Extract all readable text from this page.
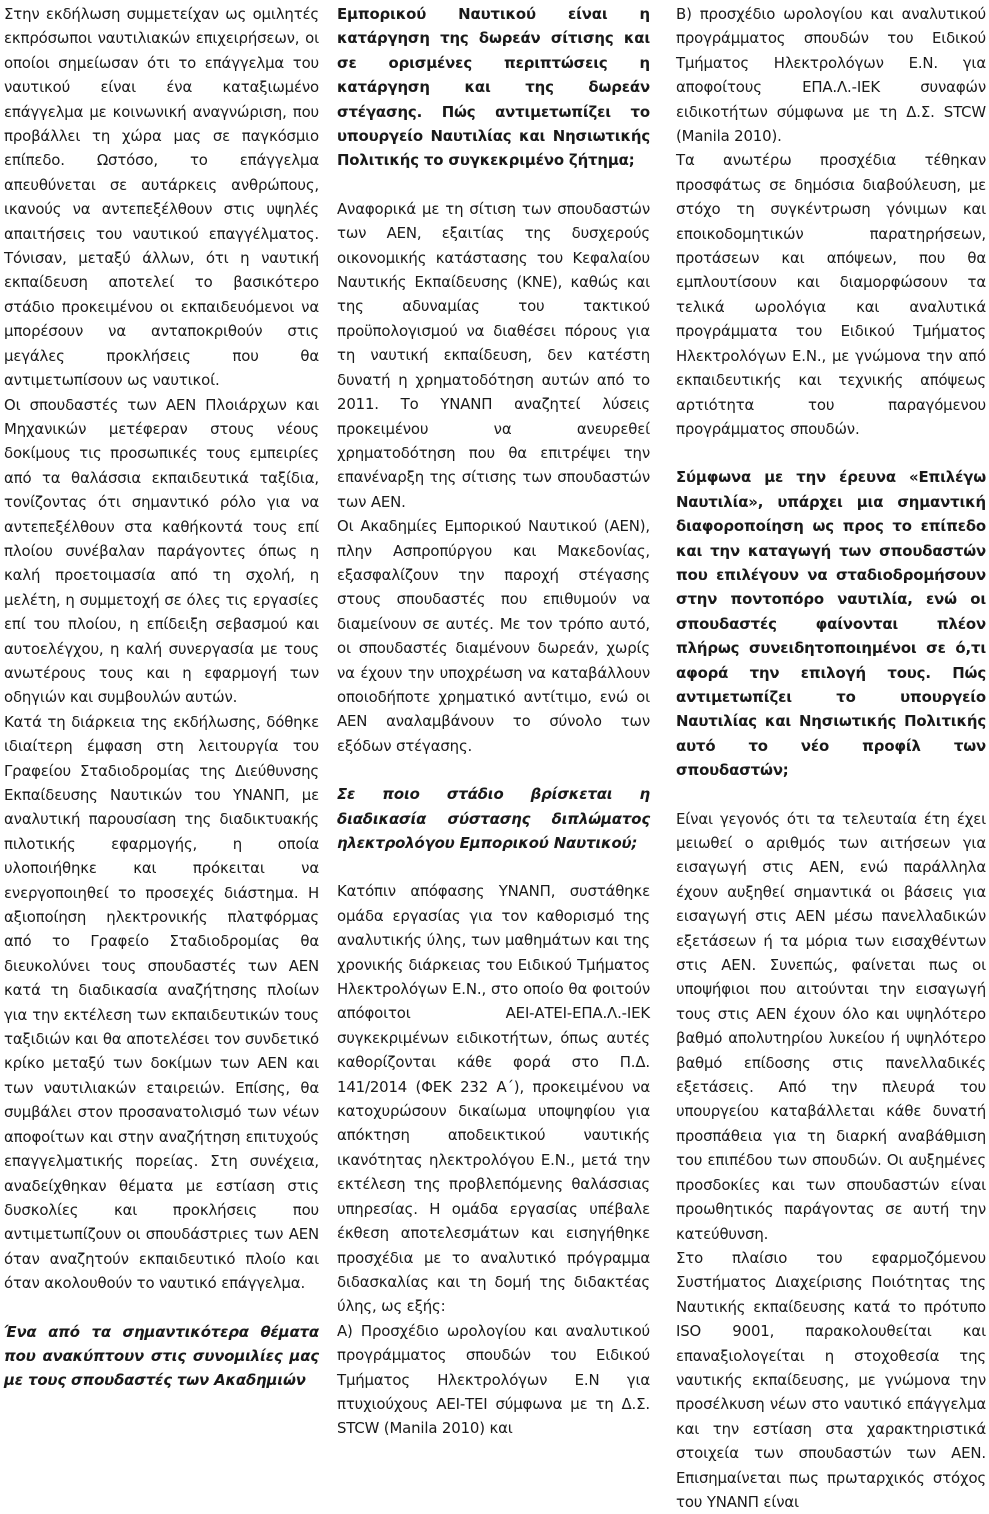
Στην εκδήλωση συμμετείχαν ως ομιλητές εκπρόσωποι ναυτιλιακών επιχειρήσεων, οι οποίοι σημείωσαν ότι το επάγγελμα του ναυτικού είναι ένα καταξιωμένο επάγγελμα με κοινωνική αναγνώριση, που προβάλλει τη χώρα μας σε παγκόσμιο επίπεδο. Ωστόσο, το επάγγελμα απευθύνεται σε αυτάρκεις ανθρώπους, ικανούς να αντεπεξέλθουν στις υψηλές απαιτήσεις του ναυτικού επαγγέλματος. Τόνισαν, μεταξύ άλλων, ότι η ναυτική εκπαίδευση αποτελεί το βασικότερο στάδιο προκειμένου οι εκπαιδευόμενοι να μπορέσουν να ανταποκριθούν στις μεγάλες προκλήσεις που θα αντιμετωπίσουν ως ναυτικοί.

Οι σπουδαστές των ΑΕΝ Πλοιάρχων και Μηχανικών μετέφεραν στους νέους δοκίμους τις προσωπικές τους εμπειρίες από τα θαλάσσια εκπαιδευτικά ταξίδια, τονίζοντας ότι σημαντικό ρόλο για να αντεπεξέλθουν στα καθήκοντά τους επί πλοίου συνέβαλαν παράγοντες όπως η καλή προετοιμασία από τη σχολή, η μελέτη, η συμμετοχή σε όλες τις εργασίες επί του πλοίου, η επίδειξη σεβασμού και αυτοελέγχου, η καλή συνεργασία με τους ανωτέρους τους και η εφαρμογή των οδηγιών και συμβουλών αυτών.

Κατά τη διάρκεια της εκδήλωσης, δόθηκε ιδιαίτερη έμφαση στη λειτουργία του Γραφείου Σταδιοδρομίας της Διεύθυνσης Εκπαίδευσης Ναυτικών του ΥΝΑΝΠ, με αναλυτική παρουσίαση της διαδικτυακής πιλοτικής εφαρμογής, η οποία υλοποιήθηκε και πρόκειται να ενεργοποιηθεί το προσεχές διάστημα. Η αξιοποίηση ηλεκτρονικής πλατφόρμας από το Γραφείο Σταδιοδρομίας θα διευκολύνει τους σπουδαστές των ΑΕΝ κατά τη διαδικασία αναζήτησης πλοίων για την εκτέλεση των εκπαιδευτικών τους ταξιδιών και θα αποτελέσει τον συνδετικό κρίκο μεταξύ των δοκίμων των ΑΕΝ και των ναυτιλιακών εταιρειών. Επίσης, θα συμβάλει στον προσανατολισμό των νέων αποφοίτων και στην αναζήτηση επιτυχούς επαγγελματικής πορείας. Στη συνέχεια, αναδείχθηκαν θέματα με εστίαση στις δυσκολίες και προκλήσεις που αντιμετωπίζουν οι σπουδάστριες των ΑΕΝ όταν αναζητούν εκπαιδευτικό πλοίο και όταν ακολουθούν το ναυτικό επάγγελμα.

Ένα από τα σημαντικότερα θέματα που ανακύπτουν στις συνομιλίες μας με τους σπουδαστές των Ακαδημιών

Εμπορικού Ναυτικού είναι η κατάργηση της δωρεάν σίτισης και σε ορισμένες περιπτώσεις η κατάργηση και της δωρεάν στέγασης. Πώς αντιμετωπίζει το υπουργείο Ναυτιλίας και Νησιωτικής Πολιτικής το συγκεκριμένο ζήτημα;

Αναφορικά με τη σίτιση των σπουδαστών των ΑΕΝ, εξαιτίας της δυσχερούς οικονομικής κατάστασης του Κεφαλαίου Ναυτικής Εκπαίδευσης (ΚΝΕ), καθώς και της αδυναμίας του τακτικού προϋπολογισμού να διαθέσει πόρους για τη ναυτική εκπαίδευση, δεν κατέστη δυνατή η χρηματοδότηση αυτών από το 2011. Το ΥΝΑΝΠ αναζητεί λύσεις προκειμένου να ανευρεθεί χρηματοδότηση που θα επιτρέψει την επανέναρξη της σίτισης των σπουδαστών των ΑΕΝ.

Οι Ακαδημίες Εμπορικού Ναυτικού (ΑΕΝ), πλην Ασπροπύργου και Μακεδονίας, εξασφαλίζουν την παροχή στέγασης στους σπουδαστές που επιθυμούν να διαμείνουν σε αυτές. Με τον τρόπο αυτό, οι σπουδαστές διαμένουν δωρεάν, χωρίς να έχουν την υποχρέωση να καταβάλλουν οποιοδήποτε χρηματικό αντίτιμο, ενώ οι ΑΕΝ αναλαμβάνουν το σύνολο των εξόδων στέγασης.

Σε ποιο στάδιο βρίσκεται η διαδικασία σύστασης διπλώματος ηλεκτρολόγου Εμπορικού Ναυτικού;

Κατόπιν απόφασης ΥΝΑΝΠ, συστάθηκε ομάδα εργασίας για τον καθορισμό της αναλυτικής ύλης, των μαθημάτων και της χρονικής διάρκειας του Ειδικού Τμήματος Ηλεκτρολόγων Ε.Ν., στο οποίο θα φοιτούν απόφοιτοι ΑΕΙ-ΑΤΕΙ-ΕΠΑ.Λ.-ΙΕΚ συγκεκριμένων ειδικοτήτων, όπως αυτές καθορίζονται κάθε φορά στο Π.Δ. 141/2014 (ΦΕΚ 232 Α΄), προκειμένου να κατοχυρώσουν δικαίωμα υποψηφίου για απόκτηση αποδεικτικού ναυτικής ικανότητας ηλεκτρολόγου Ε.Ν., μετά την εκτέλεση της προβλεπόμενης θαλάσσιας υπηρεσίας. Η ομάδα εργασίας υπέβαλε έκθεση αποτελεσμάτων και εισηγήθηκε προσχέδια με το αναλυτικό πρόγραμμα διδασκαλίας και τη δομή της διδακτέας ύλης, ως εξής:

Α) Προσχέδιο ωρολογίου και αναλυτικού προγράμματος σπουδών του Ειδικού Τμήματος Ηλεκτρολόγων Ε.Ν για πτυχιούχους ΑΕΙ-ΤΕΙ σύμφωνα με τη Δ.Σ. STCW (Manila 2010) και

Β) προσχέδιο ωρολογίου και αναλυτικού προγράμματος σπουδών του Ειδικού Τμήματος Ηλεκτρολόγων Ε.Ν. για αποφοίτους ΕΠΑ.Λ.-ΙΕΚ συναφών ειδικοτήτων σύμφωνα με τη Δ.Σ. STCW (Manila 2010).

Τα ανωτέρω προσχέδια τέθηκαν προσφάτως σε δημόσια διαβούλευση, με στόχο τη συγκέντρωση γόνιμων και εποικοδομητικών παρατηρήσεων, προτάσεων και απόψεων, που θα εμπλουτίσουν και διαμορφώσουν τα τελικά ωρολόγια και αναλυτικά προγράμματα του Ειδικού Τμήματος Ηλεκτρολόγων Ε.Ν., με γνώμονα την από εκπαιδευτικής και τεχνικής απόψεως αρτιότητα του παραγόμενου προγράμματος σπουδών.

Σύμφωνα με την έρευνα «Επιλέγω Ναυτιλία», υπάρχει μια σημαντική διαφοροποίηση ως προς το επίπεδο και την καταγωγή των σπουδαστών που επιλέγουν να σταδιοδρομήσουν στην ποντοπόρο ναυτιλία, ενώ οι σπουδαστές φαίνονται πλέον πλήρως συνειδητοποιημένοι σε ό,τι αφορά την επιλογή τους. Πώς αντιμετωπίζει το υπουργείο Ναυτιλίας και Νησιωτικής Πολιτικής αυτό το νέο προφίλ των σπουδαστών;

Είναι γεγονός ότι τα τελευταία έτη έχει μειωθεί ο αριθμός των αιτήσεων για εισαγωγή στις ΑΕΝ, ενώ παράλληλα έχουν αυξηθεί σημαντικά οι βάσεις για εισαγωγή στις ΑΕΝ μέσω πανελλαδικών εξετάσεων ή τα μόρια των εισαχθέντων στις ΑΕΝ. Συνεπώς, φαίνεται πως οι υποψήφιοι που αιτούνται την εισαγωγή τους στις ΑΕΝ έχουν όλο και υψηλότερο βαθμό απολυτηρίου λυκείου ή υψηλότερο βαθμό επίδοσης στις πανελλαδικές εξετάσεις. Από την πλευρά του υπουργείου καταβάλλεται κάθε δυνατή προσπάθεια για τη διαρκή αναβάθμιση του επιπέδου των σπουδών. Οι αυξημένες προσδοκίες και των σπουδαστών είναι προωθητικός παράγοντας σε αυτή την κατεύθυνση.

Στο πλαίσιο του εφαρμοζόμενου Συστήματος Διαχείρισης Ποιότητας της Ναυτικής εκπαίδευσης κατά το πρότυπο ISO 9001, παρακολουθείται και επαναξιολογείται η στοχοθεσία της ναυτικής εκπαίδευσης, με γνώμονα την προσέλκυση νέων στο ναυτικό επάγγελμα και την εστίαση στα χαρακτηριστικά στοιχεία των σπουδαστών των ΑΕΝ. Επισημαίνεται πως πρωταρχικός στόχος του ΥΝΑΝΠ είναι
